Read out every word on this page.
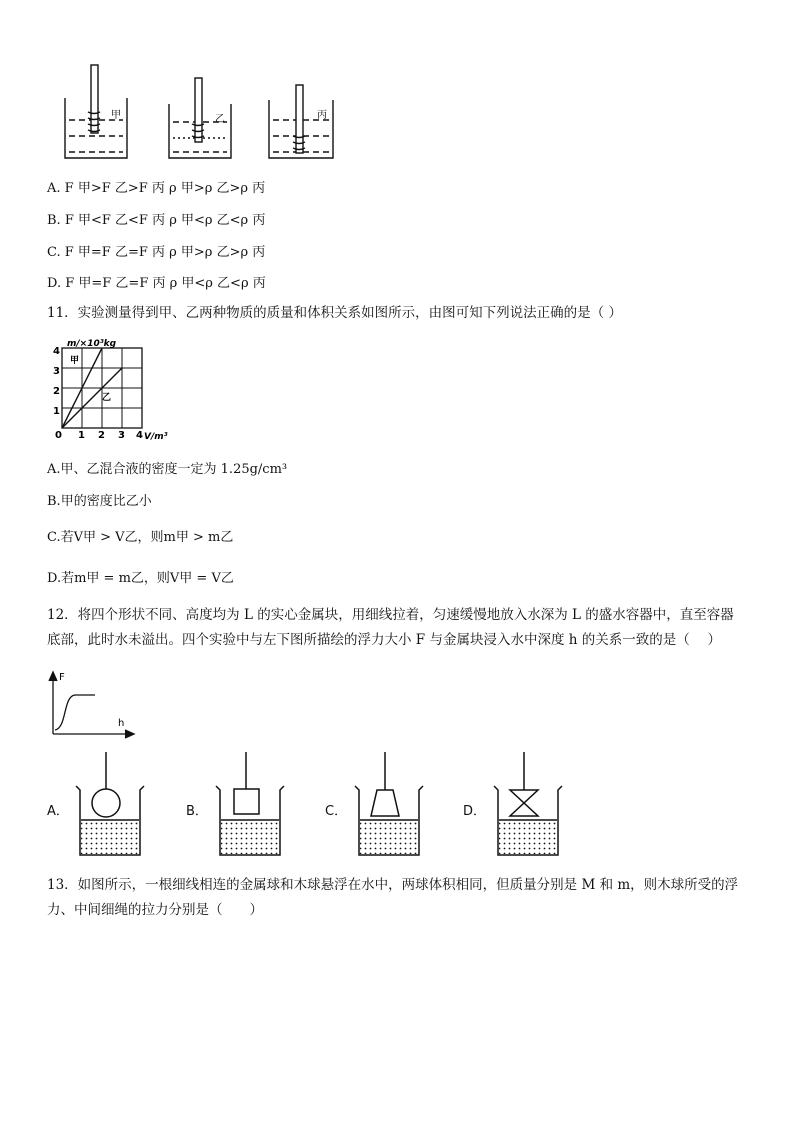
甲	乙	丙
A. F 甲>F 乙>F 丙 ρ 甲>ρ 乙>ρ 丙
B. F 甲<F 乙<F 丙 ρ 甲<ρ 乙<ρ 丙
C. F 甲=F 乙=F 丙 ρ 甲>ρ 乙>ρ 丙
D. F 甲=F 乙=F 丙 ρ 甲<ρ 乙<ρ 丙
11．实验测量得到甲、乙两种物质的质量和体积关系如图所示，由图可知下列说法正确的是（ ）
m/×10³kg
4
3
2
1
0 1 2 3 4 V/m³
甲
乙
A.甲、乙混合液的密度一定为 1.25g/cm³
B.甲的密度比乙小
C.若V甲 > V乙，则m甲 > m乙
D.若m甲 = m乙，则V甲 = V乙
12．将四个形状不同、高度均为 L 的实心金属块，用细线拉着，匀速缓慢地放入水深为 L 的盛水容器中，直至容器底部，此时水未溢出。四个实验中与左下图所描绘的浮力大小 F 与金属块浸入水中深度 h 的关系一致的是（　 ）
F
h
A．	B．	C．	D．
13．如图所示，一根细线相连的金属球和木球悬浮在水中，两球体积相同，但质量分别是 M 和 m，则木球所受的浮力、中间细绳的拉力分别是（　　）
